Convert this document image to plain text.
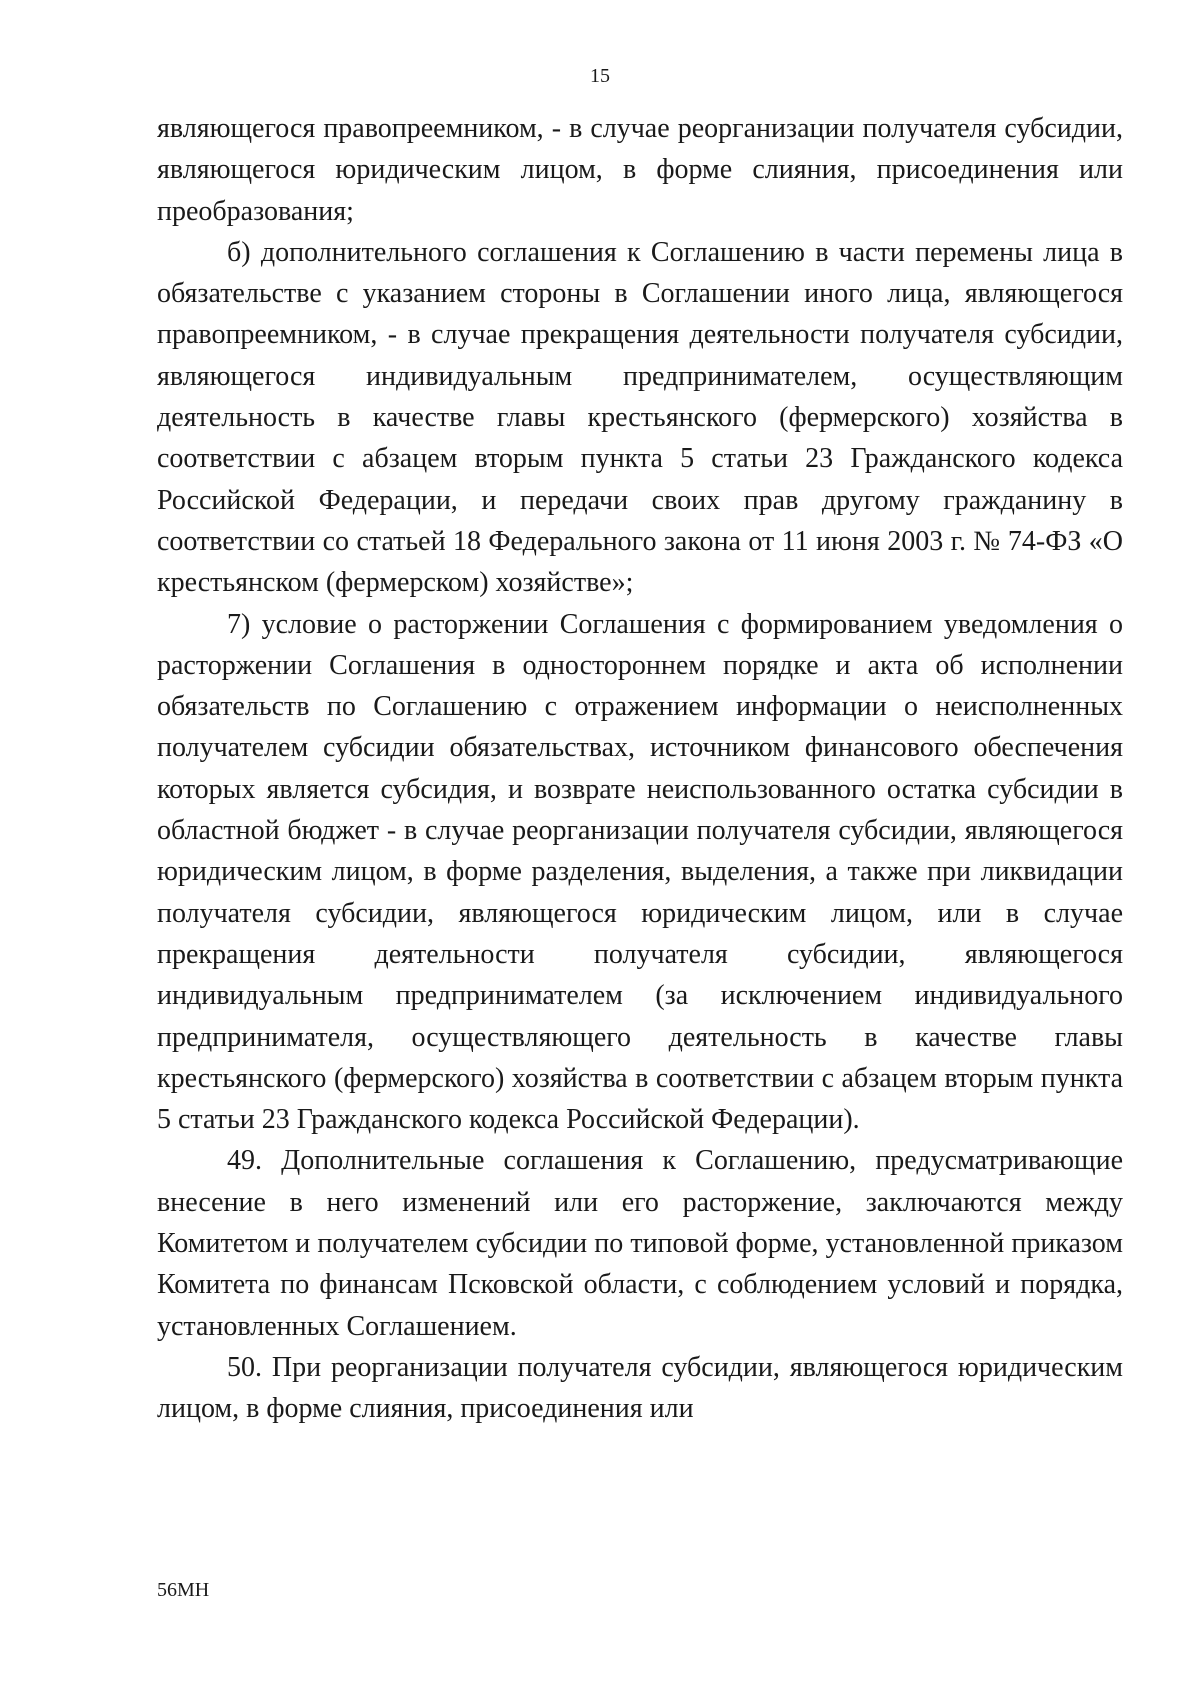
15

являющегося правопреемником, - в случае реорганизации получателя субсидии, являющегося юридическим лицом, в форме слияния, присоединения или преобразования;

б) дополнительного соглашения к Соглашению в части перемены лица в обязательстве с указанием стороны в Соглашении иного лица, являющегося правопреемником, - в случае прекращения деятельности получателя субсидии, являющегося индивидуальным предпринимателем, осуществляющим деятельность в качестве главы крестьянского (фермерского) хозяйства в соответствии с абзацем вторым пункта 5 статьи 23 Гражданского кодекса Российской Федерации, и передачи своих прав другому гражданину в соответствии со статьей 18 Федерального закона от 11 июня 2003 г. № 74-ФЗ «О крестьянском (фермерском) хозяйстве»;

7) условие о расторжении Соглашения с формированием уведомления о расторжении Соглашения в одностороннем порядке и акта об исполнении обязательств по Соглашению с отражением информации о неисполненных получателем субсидии обязательствах, источником финансового обеспечения которых является субсидия, и возврате неиспользованного остатка субсидии в областной бюджет - в случае реорганизации получателя субсидии, являющегося юридическим лицом, в форме разделения, выделения, а также при ликвидации получателя субсидии, являющегося юридическим лицом, или в случае прекращения деятельности получателя субсидии, являющегося индивидуальным предпринимателем (за исключением индивидуального предпринимателя, осуществляющего деятельность в качестве главы крестьянского (фермерского) хозяйства в соответствии с абзацем вторым пункта 5 статьи 23 Гражданского кодекса Российской Федерации).

49. Дополнительные соглашения к Соглашению, предусматривающие внесение в него изменений или его расторжение, заключаются между Комитетом и получателем субсидии по типовой форме, установленной приказом Комитета по финансам Псковской области, с соблюдением условий и порядка, установленных Соглашением.

50. При реорганизации получателя субсидии, являющегося юридическим лицом, в форме слияния, присоединения или

56МН
